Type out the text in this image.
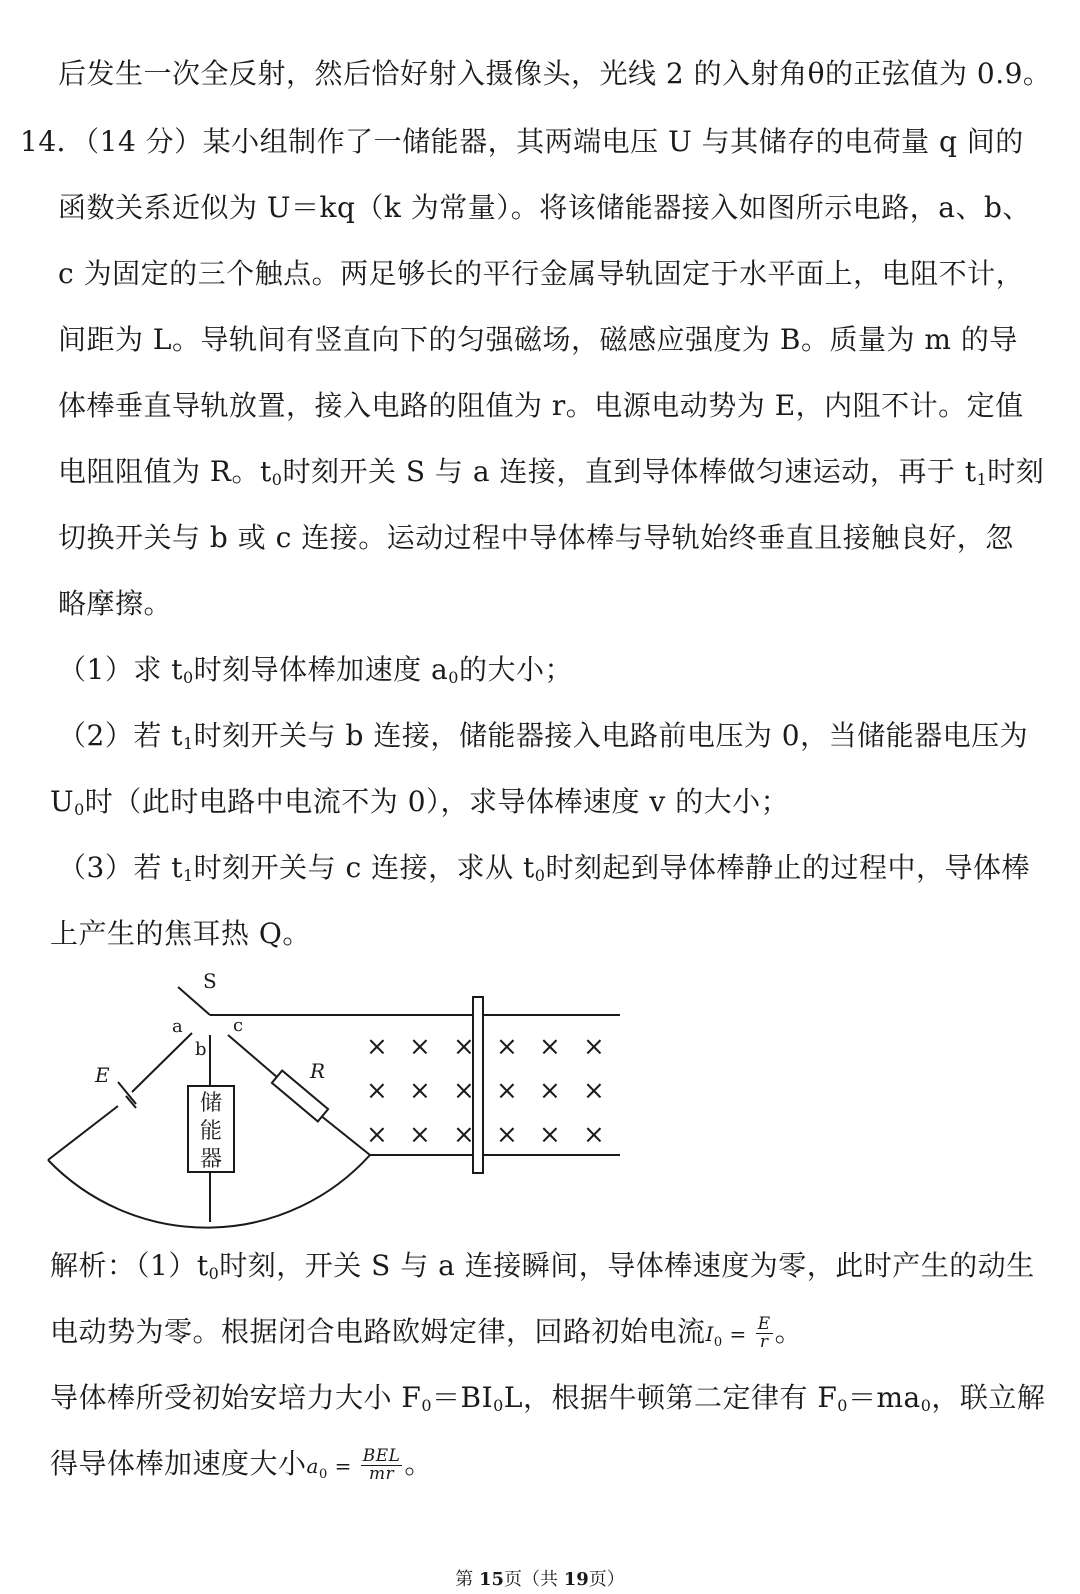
后发生一次全反射，然后恰好射入摄像头，光线 2 的入射角θ的正弦值为 0.9。
14．（14 分）某小组制作了一储能器，其两端电压 U 与其储存的电荷量 q 间的
函数关系近似为 U＝kq（k 为常量）。将该储能器接入如图所示电路，a、b、
c 为固定的三个触点。两足够长的平行金属导轨固定于水平面上，电阻不计，
间距为 L。导轨间有竖直向下的匀强磁场，磁感应强度为 B。质量为 m 的导
体棒垂直导轨放置，接入电路的阻值为 r。电源电动势为 E，内阻不计。定值
电阻阻值为 R。$t_0$时刻开关 S 与 a 连接，直到导体棒做匀速运动，再于 $t_1$时刻
切换开关与 b 或 c 连接。运动过程中导体棒与导轨始终垂直且接触良好，忽
略摩擦。
（1）求 $t_0$时刻导体棒加速度 $a_0$的大小；
（2）若 $t_1$时刻开关与 b 连接，储能器接入电路前电压为 0，当储能器电压为
$U_0$时（此时电路中电流不为 0），求导体棒速度 v 的大小；
（3）若 $t_1$时刻开关与 c 连接，求从 $t_0$时刻起到导体棒静止的过程中，导体棒
上产生的焦耳热 Q。
S
a
b
c
E	R
储
能
器
× × × × × ×
× × × × × ×
× × × × × ×
解析：$(1)t_0$时刻，开关 S 与 a 连接瞬间，导体棒速度为零，此时产生的动生
电动势为零。根据闭合电路欧姆定律，回路初始电流$I_0 = \frac{E}{r}$ 。
导体棒所受初始安培力大小 $F_0=BI_0L$，根据牛顿第二定律有 $F_0=ma_0$，联立解
得导体棒加速度大小$a_0 = \frac{\text{BEL}}{mr}$ 。
第 15页（共 19页）
